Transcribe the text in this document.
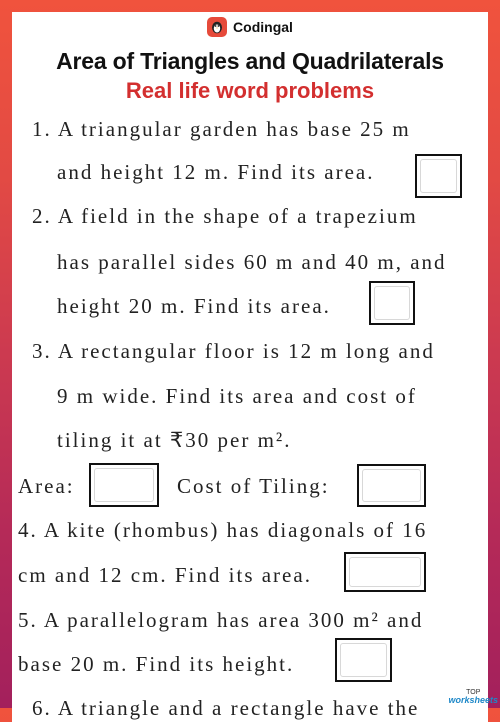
Codingal
Area of Triangles and Quadrilaterals
Real life word problems
1. A triangular garden has base 25 m
and height 12 m. Find its area.
2. A field in the shape of a trapezium
has parallel sides 60 m and 40 m, and
height 20 m. Find its area.
3. A rectangular floor is 12 m long and
9 m wide. Find its area and cost of
tiling it at ₹30 per m².
Area:	Cost of Tiling:
4. A kite (rhombus) has diagonals of 16
cm and 12 cm. Find its area.
5. A parallelogram has area 300 m² and
base 20 m. Find its height.
6. A triangle and a rectangle have the
TOP
worksheets
